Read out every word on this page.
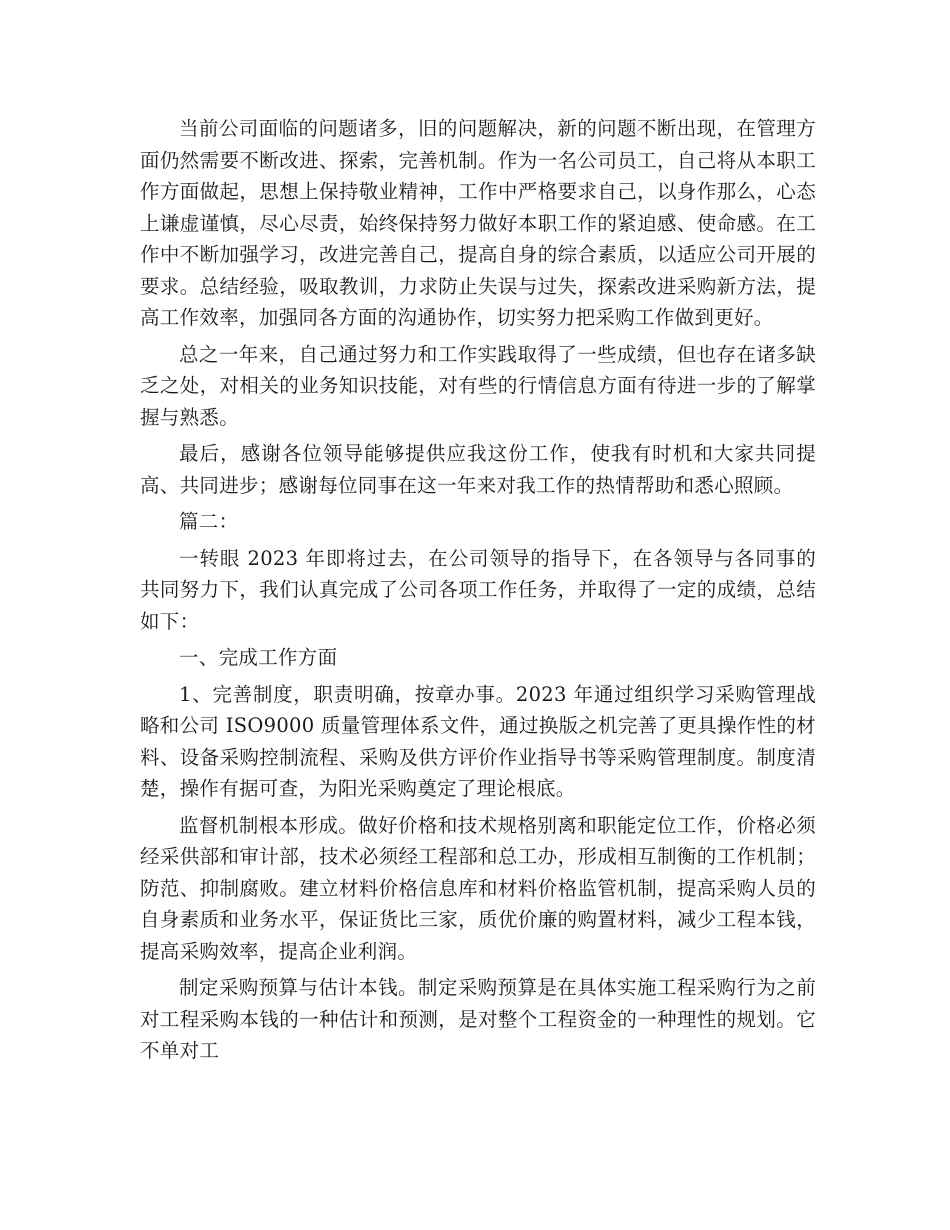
当前公司面临的问题诸多，旧的问题解决，新的问题不断出现，在管理方面仍然需要不断改进、探索，完善机制。作为一名公司员工，自己将从本职工作方面做起，思想上保持敬业精神，工作中严格要求自己，以身作那么，心态上谦虚谨慎，尽心尽责，始终保持努力做好本职工作的紧迫感、使命感。在工作中不断加强学习，改进完善自己，提高自身的综合素质，以适应公司开展的要求。总结经验，吸取教训，力求防止失误与过失，探索改进采购新方法，提高工作效率，加强同各方面的沟通协作，切实努力把采购工作做到更好。

总之一年来，自己通过努力和工作实践取得了一些成绩，但也存在诸多缺乏之处，对相关的业务知识技能，对有些的行情信息方面有待进一步的了解掌握与熟悉。

最后，感谢各位领导能够提供应我这份工作，使我有时机和大家共同提高、共同进步；感谢每位同事在这一年来对我工作的热情帮助和悉心照顾。

篇二：

一转眼 2023 年即将过去，在公司领导的指导下，在各领导与各同事的共同努力下，我们认真完成了公司各项工作任务，并取得了一定的成绩，总结如下：

一、完成工作方面

1、完善制度，职责明确，按章办事。2023 年通过组织学习采购管理战略和公司 ISO9000 质量管理体系文件，通过换版之机完善了更具操作性的材料、设备采购控制流程、采购及供方评价作业指导书等采购管理制度。制度清楚，操作有据可查，为阳光采购奠定了理论根底。

监督机制根本形成。做好价格和技术规格别离和职能定位工作，价格必须经采供部和审计部，技术必须经工程部和总工办，形成相互制衡的工作机制；防范、抑制腐败。建立材料价格信息库和材料价格监管机制，提高采购人员的自身素质和业务水平，保证货比三家，质优价廉的购置材料，减少工程本钱，提高采购效率，提高企业利润。

制定采购预算与估计本钱。制定采购预算是在具体实施工程采购行为之前对工程采购本钱的一种估计和预测，是对整个工程资金的一种理性的规划。它不单对工
